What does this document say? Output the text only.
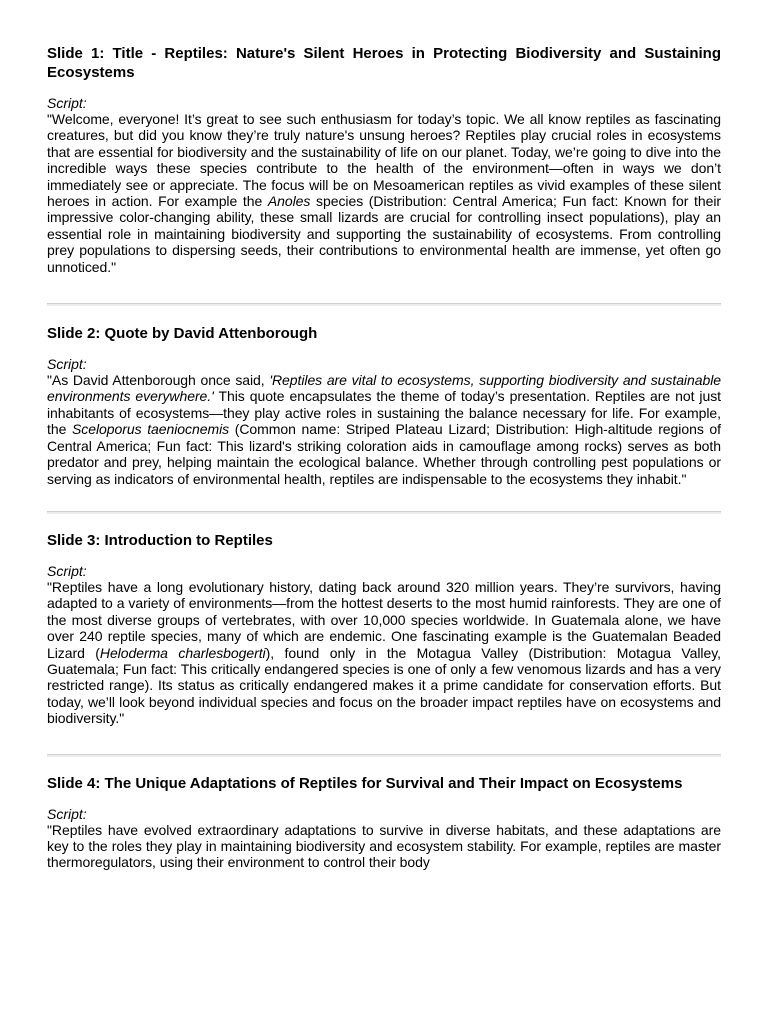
Slide 1: Title - Reptiles: Nature's Silent Heroes in Protecting Biodiversity and Sustaining Ecosystems

Script:

"Welcome, everyone! It’s great to see such enthusiasm for today’s topic. We all know reptiles as fascinating creatures, but did you know they’re truly nature's unsung heroes? Reptiles play crucial roles in ecosystems that are essential for biodiversity and the sustainability of life on our planet. Today, we’re going to dive into the incredible ways these species contribute to the health of the environment—often in ways we don’t immediately see or appreciate. The focus will be on Mesoamerican reptiles as vivid examples of these silent heroes in action. For example the Anoles species (Distribution: Central America; Fun fact: Known for their impressive color-changing ability, these small lizards are crucial for controlling insect populations), play an essential role in maintaining biodiversity and supporting the sustainability of ecosystems. From controlling prey populations to dispersing seeds, their contributions to environmental health are immense, yet often go unnoticed."

Slide 2: Quote by David Attenborough

Script:

"As David Attenborough once said, 'Reptiles are vital to ecosystems, supporting biodiversity and sustainable environments everywhere.' This quote encapsulates the theme of today’s presentation. Reptiles are not just inhabitants of ecosystems—they play active roles in sustaining the balance necessary for life. For example, the Sceloporus taeniocnemis (Common name: Striped Plateau Lizard; Distribution: High-altitude regions of Central America; Fun fact: This lizard's striking coloration aids in camouflage among rocks) serves as both predator and prey, helping maintain the ecological balance. Whether through controlling pest populations or serving as indicators of environmental health, reptiles are indispensable to the ecosystems they inhabit."

Slide 3: Introduction to Reptiles

Script:

"Reptiles have a long evolutionary history, dating back around 320 million years. They’re survivors, having adapted to a variety of environments—from the hottest deserts to the most humid rainforests. They are one of the most diverse groups of vertebrates, with over 10,000 species worldwide. In Guatemala alone, we have over 240 reptile species, many of which are endemic. One fascinating example is the Guatemalan Beaded Lizard (Heloderma charlesbogerti), found only in the Motagua Valley (Distribution: Motagua Valley, Guatemala; Fun fact: This critically endangered species is one of only a few venomous lizards and has a very restricted range). Its status as critically endangered makes it a prime candidate for conservation efforts. But today, we’ll look beyond individual species and focus on the broader impact reptiles have on ecosystems and biodiversity."

Slide 4: The Unique Adaptations of Reptiles for Survival and Their Impact on Ecosystems

Script:

"Reptiles have evolved extraordinary adaptations to survive in diverse habitats, and these adaptations are key to the roles they play in maintaining biodiversity and ecosystem stability. For example, reptiles are master thermoregulators, using their environment to control their body
